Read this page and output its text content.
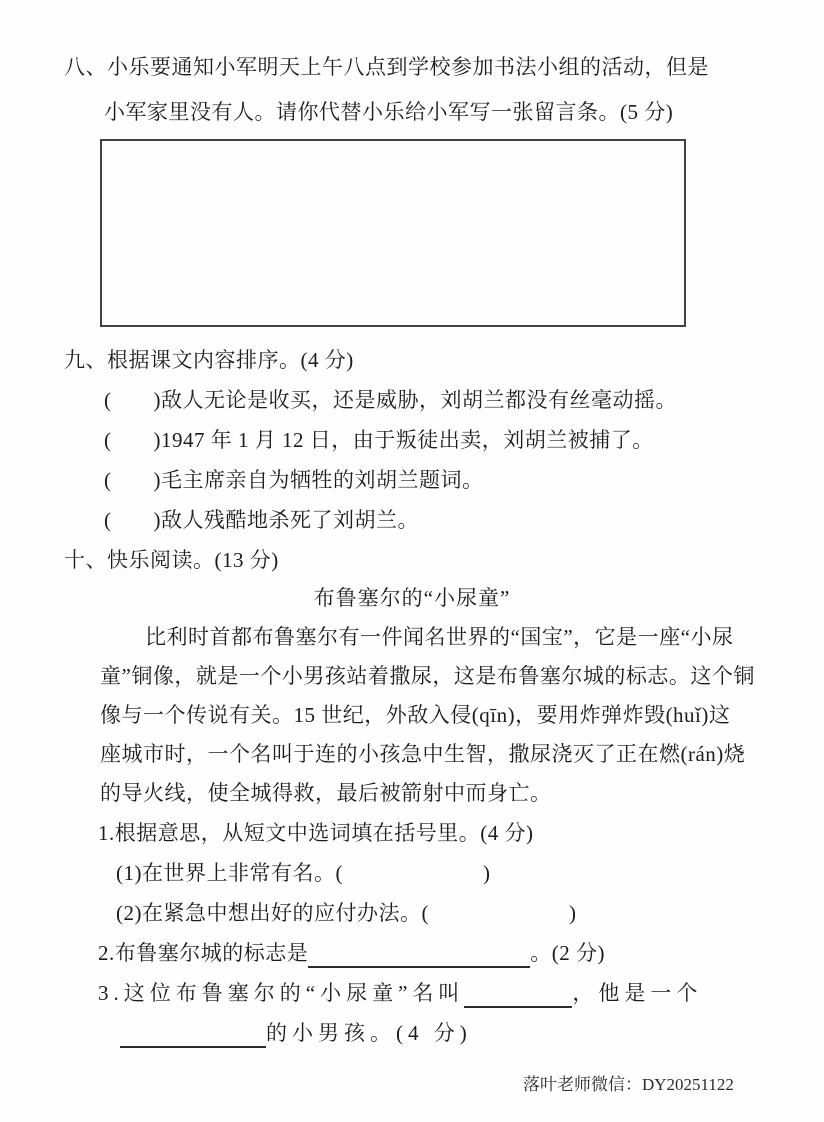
八、小乐要通知小军明天上午八点到学校参加书法小组的活动，但是
小军家里没有人。请你代替小乐给小军写一张留言条。(5 分)
九、根据课文内容排序。(4 分)
( )敌人无论是收买，还是威胁，刘胡兰都没有丝毫动摇。
( )1947 年 1 月 12 日，由于叛徒出卖，刘胡兰被捕了。
( )毛主席亲自为牺牲的刘胡兰题词。
( )敌人残酷地杀死了刘胡兰。
十、快乐阅读。(13 分)
布鲁塞尔的“小尿童”
比利时首都布鲁塞尔有一件闻名世界的“国宝”，它是一座“小尿
童”铜像，就是一个小男孩站着撒尿，这是布鲁塞尔城的标志。这个铜
像与一个传说有关。15 世纪，外敌入侵(qīn)，要用炸弹炸毁(huǐ)这
座城市时，一个名叫于连的小孩急中生智，撒尿浇灭了正在燃(rán)烧
的导火线，使全城得救，最后被箭射中而身亡。
1.根据意思，从短文中选词填在括号里。(4 分)
(1)在世界上非常有名。(	)
(2)在紧急中想出好的应付办法。(	)
2.布鲁塞尔城的标志是	。(2 分)
3.这位布鲁塞尔的“小尿童”名叫	，他是一个
的小男孩。(4 分)
落叶老师微信：DY20251122
